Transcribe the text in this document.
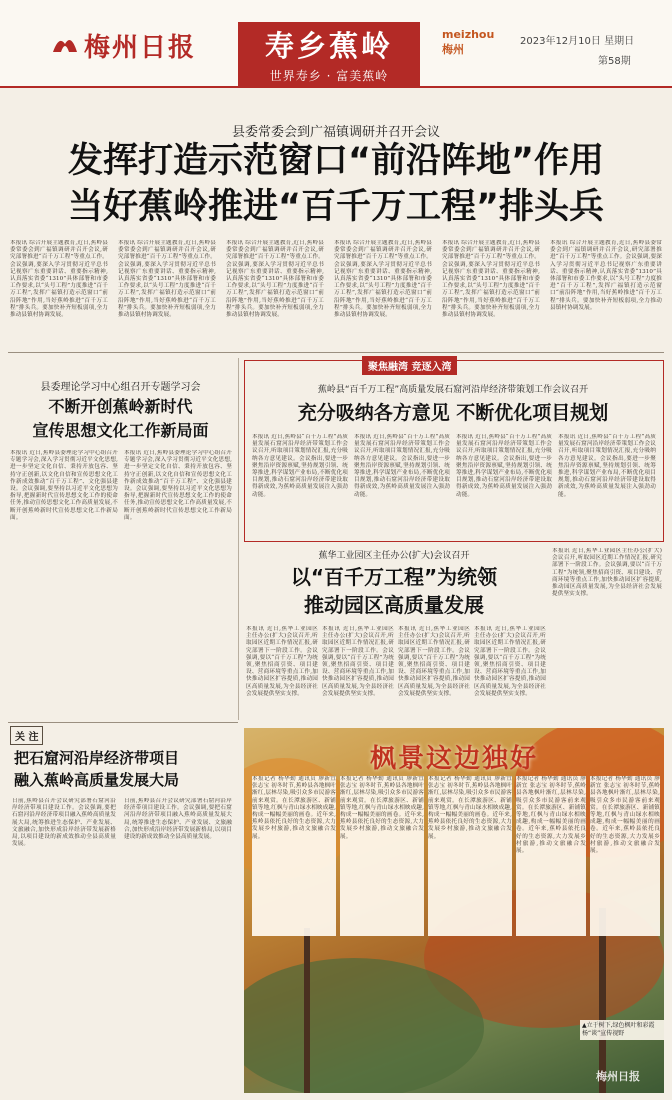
梅州日报	寿乡蕉岭
世界寿乡 · 富美蕉岭
meizhou
梅州
2023年12月10日 星期日
第58期
县委常委会到广福镇调研并召开会议
发挥打造示范窗口“前沿阵地”作用
当好蕉岭推进“百千万工程”排头兵
本报讯 综合开展主题教育,近日,蕉岭县委常委会到广福镇调研并召开会议,研究部署推进“百千万工程”等重点工作。会议强调,要深入学习贯彻习近平总书记视察广东重要讲话、重要指示精神,认真落实省委“1310”具体部署和市委工作要求,以“头号工程”力度推进“百千万工程”,发挥广福镇打造示范窗口“前沿阵地”作用,当好蕉岭推进“百千万工程”排头兵。要加快补齐短板弱项,全力推动县镇村协调发展。
本报讯 综合开展主题教育,近日,蕉岭县委常委会到广福镇调研并召开会议,研究部署推进“百千万工程”等重点工作。会议强调,要深入学习贯彻习近平总书记视察广东重要讲话、重要指示精神,认真落实省委“1310”具体部署和市委工作要求,以“头号工程”力度推进“百千万工程”,发挥广福镇打造示范窗口“前沿阵地”作用,当好蕉岭推进“百千万工程”排头兵。要加快补齐短板弱项,全力推动县镇村协调发展。
本报讯 综合开展主题教育,近日,蕉岭县委常委会到广福镇调研并召开会议,研究部署推进“百千万工程”等重点工作。会议强调,要深入学习贯彻习近平总书记视察广东重要讲话、重要指示精神,认真落实省委“1310”具体部署和市委工作要求,以“头号工程”力度推进“百千万工程”,发挥广福镇打造示范窗口“前沿阵地”作用,当好蕉岭推进“百千万工程”排头兵。要加快补齐短板弱项,全力推动县镇村协调发展。
本报讯 综合开展主题教育,近日,蕉岭县委常委会到广福镇调研并召开会议,研究部署推进“百千万工程”等重点工作。会议强调,要深入学习贯彻习近平总书记视察广东重要讲话、重要指示精神,认真落实省委“1310”具体部署和市委工作要求,以“头号工程”力度推进“百千万工程”,发挥广福镇打造示范窗口“前沿阵地”作用,当好蕉岭推进“百千万工程”排头兵。要加快补齐短板弱项,全力推动县镇村协调发展。
本报讯 综合开展主题教育,近日,蕉岭县委常委会到广福镇调研并召开会议,研究部署推进“百千万工程”等重点工作。会议强调,要深入学习贯彻习近平总书记视察广东重要讲话、重要指示精神,认真落实省委“1310”具体部署和市委工作要求,以“头号工程”力度推进“百千万工程”,发挥广福镇打造示范窗口“前沿阵地”作用,当好蕉岭推进“百千万工程”排头兵。要加快补齐短板弱项,全力推动县镇村协调发展。
本报讯 综合开展主题教育,近日,蕉岭县委常委会到广福镇调研并召开会议,研究部署推进“百千万工程”等重点工作。会议强调,要深入学习贯彻习近平总书记视察广东重要讲话、重要指示精神,认真落实省委“1310”具体部署和市委工作要求,以“头号工程”力度推进“百千万工程”,发挥广福镇打造示范窗口“前沿阵地”作用,当好蕉岭推进“百千万工程”排头兵。要加快补齐短板弱项,全力推动县镇村协调发展。
县委理论学习中心组召开专题学习会
不断开创蕉岭新时代
宣传思想文化工作新局面
本报讯 近日,蕉岭县委理论学习中心组召开专题学习会,深入学习贯彻习近平文化思想,进一步坚定文化自信、秉持开放包容、坚持守正创新,以文化自信和宣传思想文化工作新成效推动“百千万工程”、文化强县建设。会议强调,要坚持以习近平文化思想为指导,把握新时代宣传思想文化工作的使命任务,推动宣传思想文化工作高质量发展,不断开创蕉岭新时代宣传思想文化工作新局面。
本报讯 近日,蕉岭县委理论学习中心组召开专题学习会,深入学习贯彻习近平文化思想,进一步坚定文化自信、秉持开放包容、坚持守正创新,以文化自信和宣传思想文化工作新成效推动“百千万工程”、文化强县建设。会议强调,要坚持以习近平文化思想为指导,把握新时代宣传思想文化工作的使命任务,推动宣传思想文化工作高质量发展,不断开创蕉岭新时代宣传思想文化工作新局面。
聚焦融湾 竞逐入湾
蕉岭县“百千万工程”高质量发展石窟河沿岸经济带策划工作会议召开
充分吸纳各方意见 不断优化项目规划
本报讯 近日,蕉岭县“百千万工程”高质量发展石窟河沿岸经济带策划工作会议召开,听取项目策划情况汇报,充分吸纳各方意见建议。会议指出,要进一步聚焦沿岸资源禀赋,坚持规划引领、统筹推进,科学谋划产业布局,不断优化项目规划,推动石窟河沿岸经济带建设取得新成效,为蕉岭高质量发展注入强劲动能。
本报讯 近日,蕉岭县“百千万工程”高质量发展石窟河沿岸经济带策划工作会议召开,听取项目策划情况汇报,充分吸纳各方意见建议。会议指出,要进一步聚焦沿岸资源禀赋,坚持规划引领、统筹推进,科学谋划产业布局,不断优化项目规划,推动石窟河沿岸经济带建设取得新成效,为蕉岭高质量发展注入强劲动能。
本报讯 近日,蕉岭县“百千万工程”高质量发展石窟河沿岸经济带策划工作会议召开,听取项目策划情况汇报,充分吸纳各方意见建议。会议指出,要进一步聚焦沿岸资源禀赋,坚持规划引领、统筹推进,科学谋划产业布局,不断优化项目规划,推动石窟河沿岸经济带建设取得新成效,为蕉岭高质量发展注入强劲动能。
本报讯 近日,蕉岭县“百千万工程”高质量发展石窟河沿岸经济带策划工作会议召开,听取项目策划情况汇报,充分吸纳各方意见建议。会议指出,要进一步聚焦沿岸资源禀赋,坚持规划引领、统筹推进,科学谋划产业布局,不断优化项目规划,推动石窟河沿岸经济带建设取得新成效,为蕉岭高质量发展注入强劲动能。
蕉华工业园区主任办公(扩大)会议召开
以“百千万工程”为统领
推动园区高质量发展
本报讯 近日,蕉华工业园区主任办公(扩大)会议召开,听取园区近期工作情况汇报,研究部署下一阶段工作。会议强调,要以“百千万工程”为统领,聚焦招商引资、项目建设、营商环境等重点工作,加快推动园区扩容提质,推动园区高质量发展,为全县经济社会发展提供坚实支撑。
本报讯 近日,蕉华工业园区主任办公(扩大)会议召开,听取园区近期工作情况汇报,研究部署下一阶段工作。会议强调,要以“百千万工程”为统领,聚焦招商引资、项目建设、营商环境等重点工作,加快推动园区扩容提质,推动园区高质量发展,为全县经济社会发展提供坚实支撑。
本报讯 近日,蕉华工业园区主任办公(扩大)会议召开,听取园区近期工作情况汇报,研究部署下一阶段工作。会议强调,要以“百千万工程”为统领,聚焦招商引资、项目建设、营商环境等重点工作,加快推动园区扩容提质,推动园区高质量发展,为全县经济社会发展提供坚实支撑。
本报讯 近日,蕉华工业园区主任办公(扩大)会议召开,听取园区近期工作情况汇报,研究部署下一阶段工作。会议强调,要以“百千万工程”为统领,聚焦招商引资、项目建设、营商环境等重点工作,加快推动园区扩容提质,推动园区高质量发展,为全县经济社会发展提供坚实支撑。
本报讯 近日,蕉华工业园区主任办公(扩大)会议召开,听取园区近期工作情况汇报,研究部署下一阶段工作。会议强调,要以“百千万工程”为统领,聚焦招商引资、项目建设、营商环境等重点工作,加快推动园区扩容提质,推动园区高质量发展,为全县经济社会发展提供坚实支撑。
关 注
把石窟河沿岸经济带项目
融入蕉岭高质量发展大局
日前,蕉岭县召开会议研究部署石窟河沿岸经济带项目建设工作。会议强调,要把石窟河沿岸经济带项目融入蕉岭高质量发展大局,统筹推进生态保护、产业发展、文旅融合,加快形成沿岸经济带发展新格局,以项目建设的新成效推动全县高质量发展。
日前,蕉岭县召开会议研究部署石窟河沿岸经济带项目建设工作。会议强调,要把石窟河沿岸经济带项目融入蕉岭高质量发展大局,统筹推进生态保护、产业发展、文旅融合,加快形成沿岸经济带发展新格局,以项目建设的新成效推动全县高质量发展。
枫景这边独好
本报记者 杨华勤 通讯员 廖新宜 张志宝 初冬时节,蕉岭县各地枫叶渐红,层林尽染,吸引众多市民游客前来观赏。在长潭旅游区、新铺镇等地,红枫与青山绿水相映成趣,构成一幅幅美丽的画卷。近年来,蕉岭县依托良好的生态资源,大力发展乡村旅游,推动文旅融合发展。
本报记者 杨华勤 通讯员 廖新宜 张志宝 初冬时节,蕉岭县各地枫叶渐红,层林尽染,吸引众多市民游客前来观赏。在长潭旅游区、新铺镇等地,红枫与青山绿水相映成趣,构成一幅幅美丽的画卷。近年来,蕉岭县依托良好的生态资源,大力发展乡村旅游,推动文旅融合发展。
本报记者 杨华勤 通讯员 廖新宜 张志宝 初冬时节,蕉岭县各地枫叶渐红,层林尽染,吸引众多市民游客前来观赏。在长潭旅游区、新铺镇等地,红枫与青山绿水相映成趣,构成一幅幅美丽的画卷。近年来,蕉岭县依托良好的生态资源,大力发展乡村旅游,推动文旅融合发展。
本报记者 杨华勤 通讯员 廖新宜 张志宝 初冬时节,蕉岭县各地枫叶渐红,层林尽染,吸引众多市民游客前来观赏。在长潭旅游区、新铺镇等地,红枫与青山绿水相映成趣,构成一幅幅美丽的画卷。近年来,蕉岭县依托良好的生态资源,大力发展乡村旅游,推动文旅融合发展。
本报记者 杨华勤 通讯员 廖新宜 张志宝 初冬时节,蕉岭县各地枫叶渐红,层林尽染,吸引众多市民游客前来观赏。在长潭旅游区、新铺镇等地,红枫与青山绿水相映成趣,构成一幅幅美丽的画卷。近年来,蕉岭县依托良好的生态资源,大力发展乡村旅游,推动文旅融合发展。
▲立于树下,绿色枫叶和彩霞杨“谈”宣传视野
梅州日报
